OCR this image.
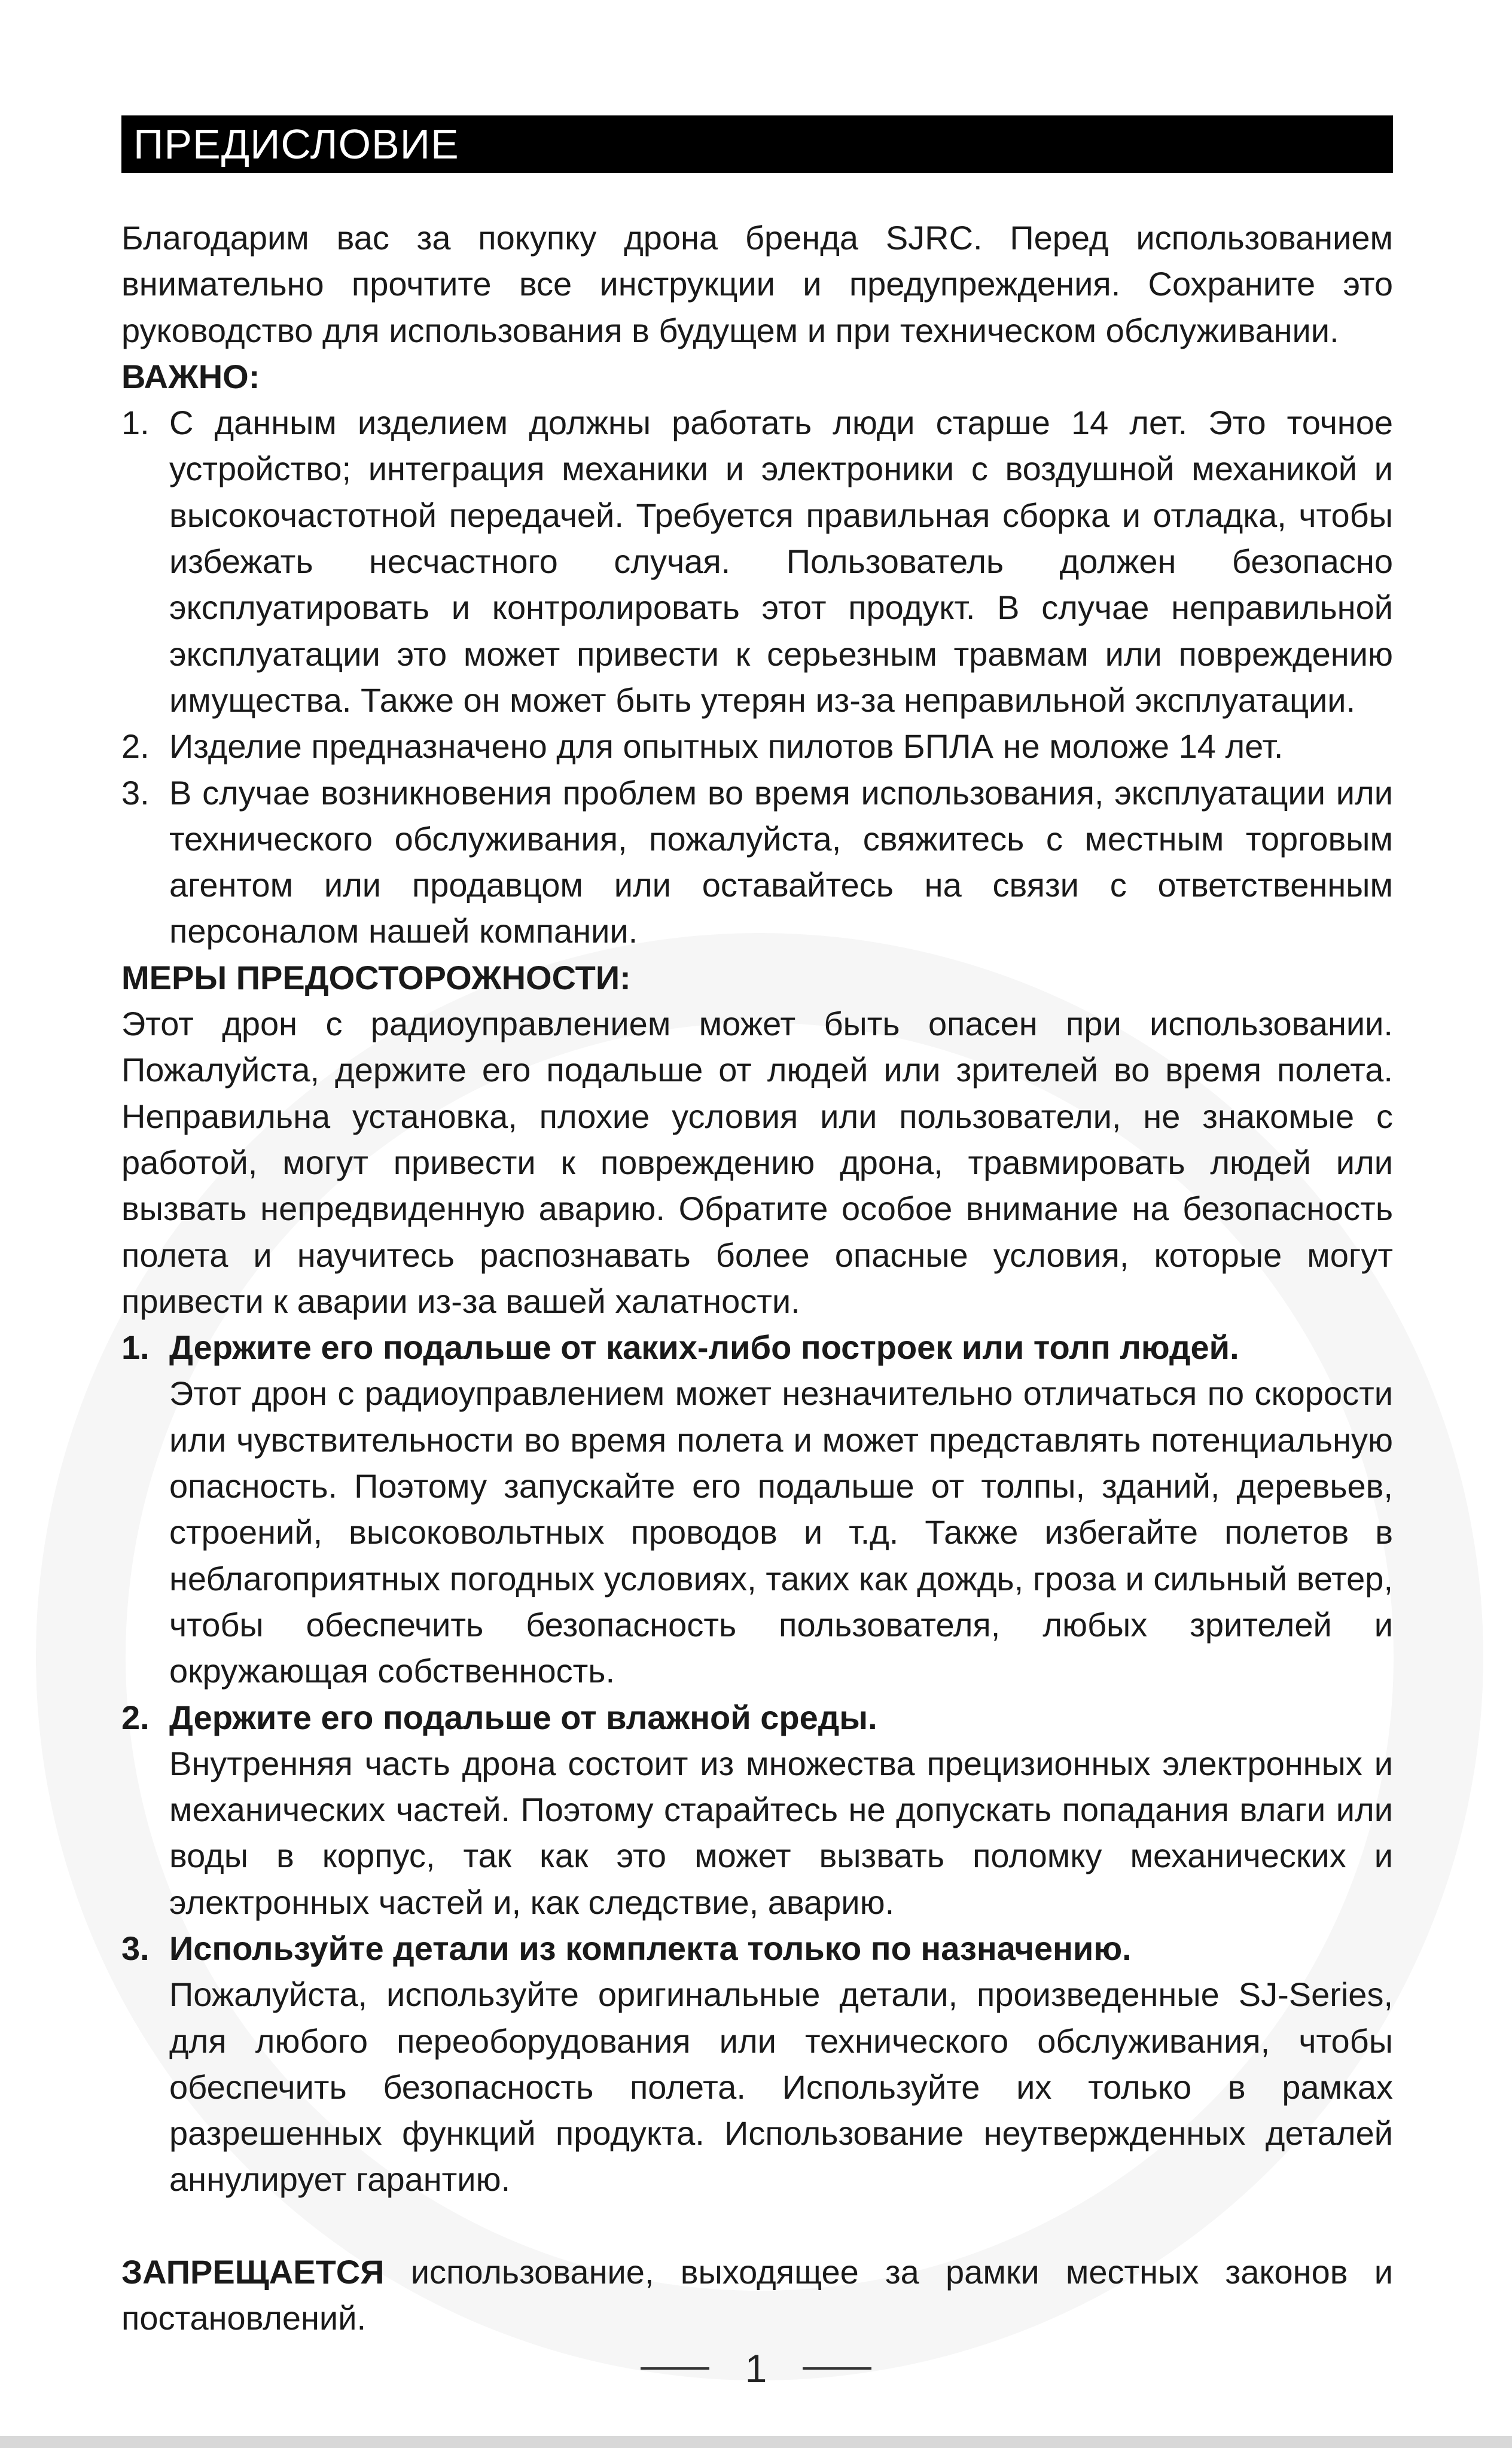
ПРЕДИСЛОВИЕ

Благодарим вас за покупку дрона бренда SJRC. Перед использованием внимательно прочтите все инструкции и предупреждения. Сохраните это руководство для использования в будущем и при техническом обслуживании.

ВАЖНО:
1. С данным изделием должны работать люди старше 14 лет. Это точное устройство; интеграция механики и электроники с воздушной механикой и высокочастотной передачей. Требуется правильная сборка и отладка, чтобы избежать несчастного случая. Пользователь должен безопасно эксплуатировать и контролировать этот продукт. В случае неправильной эксплуатации это может привести к серьезным травмам или повреждению имущества. Также он может быть утерян из-за неправильной эксплуатации.
2. Изделие предназначено для опытных пилотов БПЛА не моложе 14 лет.
3. В случае возникновения проблем во время использования, эксплуатации или технического обслуживания, пожалуйста, свяжитесь с местным торговым агентом или продавцом или оставайтесь на связи с ответственным персоналом нашей компании.
МЕРЫ ПРЕДОСТОРОЖНОСТИ:

Этот дрон с радиоуправлением может быть опасен при использовании. Пожалуйста, держите его подальше от людей или зрителей во время полета. Неправильна установка, плохие условия или пользователи, не знакомые с работой, могут привести к повреждению дрона, травмировать людей или вызвать непредвиденную аварию. Обратите особое внимание на безопасность полета и научитесь распознавать более опасные условия, которые могут привести к аварии из-за вашей халатности.

1. Держите его подальше от каких-либо построек или толп людей.
Этот дрон с радиоуправлением может незначительно отличаться по скорости или чувствительности во время полета и может представлять потенциальную опасность. Поэтому запускайте его подальше от толпы, зданий, деревьев, строений, высоковольтных проводов и т.д. Также избегайте полетов в неблагоприятных погодных условиях, таких как дождь, гроза и сильный ветер, чтобы обеспечить безопасность пользователя, любых зрителей и окружающая собственность.
2. Держите его подальше от влажной среды.
Внутренняя часть дрона состоит из множества прецизионных электронных и механических частей. Поэтому старайтесь не допускать попадания влаги или воды в корпус, так как это может вызвать поломку механических и электронных частей и, как следствие, аварию.
3. Используйте детали из комплекта только по назначению.
Пожалуйста, используйте оригинальные детали, произведенные SJ-Series, для любого переоборудования или технического обслуживания, чтобы обеспечить безопасность полета. Используйте их только в рамках разрешенных функций продукта. Использование неутвержденных деталей аннулирует гарантию.

ЗАПРЕЩАЕТСЯ использование, выходящее за рамки местных законов и постановлений.

1
